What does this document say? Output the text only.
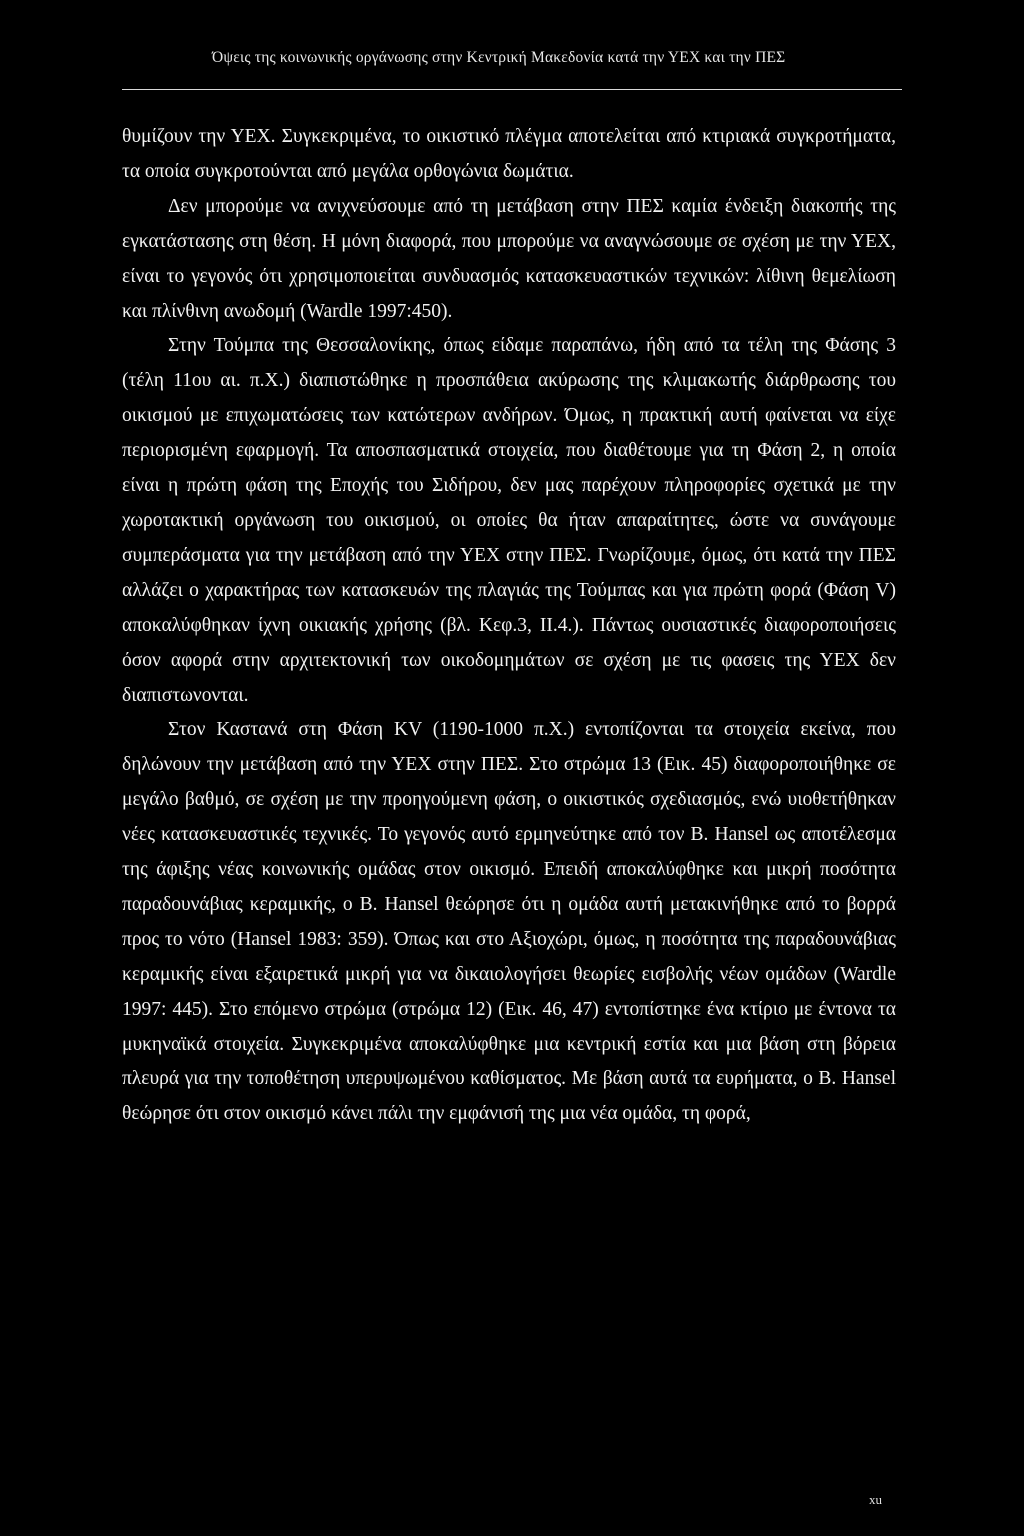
Όψεις της κοινωνικής οργάνωσης στην Κεντρική Μακεδονία κατά την ΥΕΧ και την ΠΕΣ

θυμίζουν την ΥΕΧ. Συγκεκριμένα, το οικιστικό πλέγμα αποτελείται από κτιριακά συγκροτήματα, τα οποία συγκροτούνται από μεγάλα ορθογώνια δωμάτια.

Δεν μπορούμε να ανιχνεύσουμε από τη μετάβαση στην ΠΕΣ καμία ένδειξη διακοπής της εγκατάστασης στη θέση. Η μόνη διαφορά, που μπορούμε να αναγνώσουμε σε σχέση με την ΥΕΧ, είναι το γεγονός ότι χρησιμοποιείται συνδυασμός κατασκευαστικών τεχνικών: λίθινη θεμελίωση και πλίνθινη ανωδομή (Wardle 1997:450).

Στην Τούμπα της Θεσσαλονίκης, όπως είδαμε παραπάνω, ήδη από τα τέλη της Φάσης 3 (τέλη 11ου αι. π.Χ.) διαπιστώθηκε η προσπάθεια ακύρωσης της κλιμακωτής διάρθρωσης του οικισμού με επιχωματώσεις των κατώτερων ανδήρων. Όμως, η πρακτική αυτή φαίνεται να είχε περιορισμένη εφαρμογή. Τα αποσπασματικά στοιχεία, που διαθέτουμε για τη Φάση 2, η οποία είναι η πρώτη φάση της Εποχής του Σιδήρου, δεν μας παρέχουν πληροφορίες σχετικά με την χωροτακτική οργάνωση του οικισμού, οι οποίες θα ήταν απαραίτητες, ώστε να συνάγουμε συμπεράσματα για την μετάβαση από την ΥΕΧ στην ΠΕΣ. Γνωρίζουμε, όμως, ότι κατά την ΠΕΣ αλλάζει ο χαρακτήρας των κατασκευών της πλαγιάς της Τούμπας και για πρώτη φορά (Φάση V) αποκαλύφθηκαν ίχνη οικιακής χρήσης (βλ. Κεφ.3, ΙΙ.4.). Πάντως ουσιαστικές διαφοροποιήσεις όσον αφορά στην αρχιτεκτονική των οικοδομημάτων σε σχέση με τις φασεις της ΥΕΧ δεν διαπιστωνονται.

Στον Καστανά στη Φάση ΚV (1190-1000 π.Χ.) εντοπίζονται τα στοιχεία εκείνα, που δηλώνουν την μετάβαση από την ΥΕΧ στην ΠΕΣ. Στο στρώμα 13 (Εικ. 45) διαφοροποιήθηκε σε μεγάλο βαθμό, σε σχέση με την προηγούμενη φάση, ο οικιστικός σχεδιασμός, ενώ υιοθετήθηκαν νέες κατασκευαστικές τεχνικές. Το γεγονός αυτό ερμηνεύτηκε από τον Β. Hansel ως αποτέλεσμα της άφιξης νέας κοινωνικής ομάδας στον οικισμό. Επειδή αποκαλύφθηκε και μικρή ποσότητα παραδουνάβιας κεραμικής, ο Β. Hansel θεώρησε ότι η ομάδα αυτή μετακινήθηκε από το βορρά προς το νότο (Hansel 1983: 359). Όπως και στο Αξιοχώρι, όμως, η ποσότητα της παραδουνάβιας κεραμικής είναι εξαιρετικά μικρή για να δικαιολογήσει θεωρίες εισβολής νέων ομάδων (Wardle 1997: 445). Στο επόμενο στρώμα (στρώμα 12) (Εικ. 46, 47) εντοπίστηκε ένα κτίριο με έντονα τα μυκηναϊκά στοιχεία. Συγκεκριμένα αποκαλύφθηκε μια κεντρική εστία και μια βάση στη βόρεια πλευρά για την τοποθέτηση υπερυψωμένου καθίσματος. Με βάση αυτά τα ευρήματα, ο Β. Hansel θεώρησε ότι στον οικισμό κάνει πάλι την εμφάνισή της μια νέα ομάδα, τη φορά,

xu
